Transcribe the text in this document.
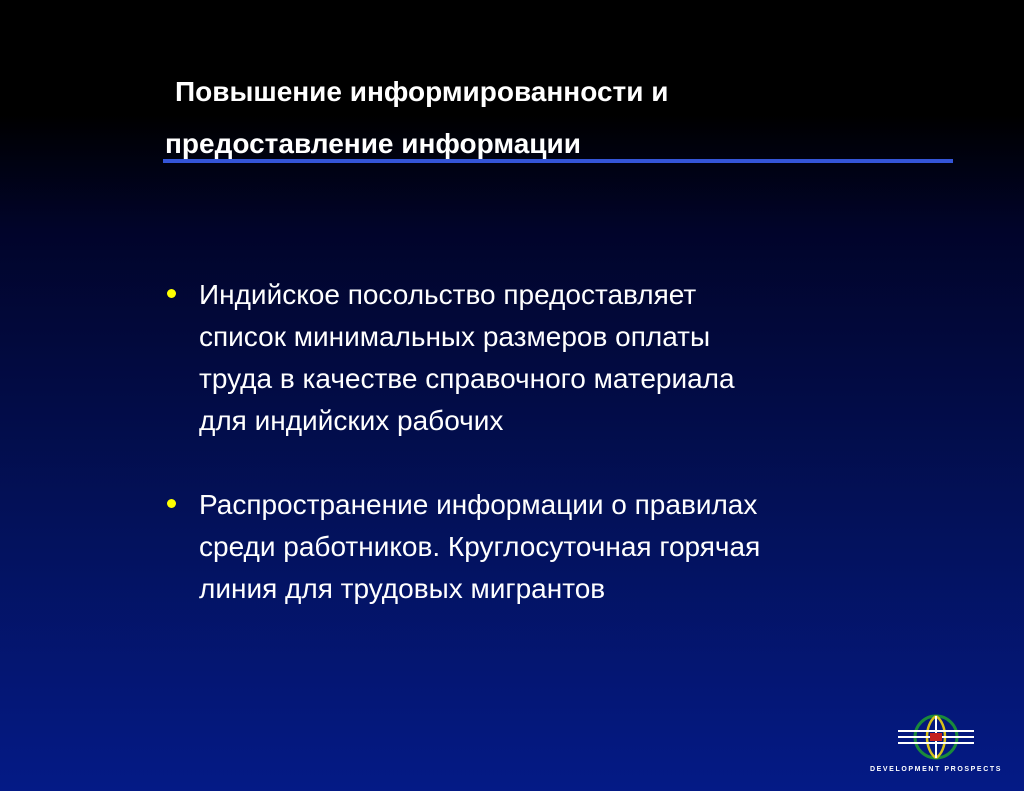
Повышение информированности и
предоставление информации
Индийское посольство предоставляет
список минимальных размеров оплаты
труда в качестве справочного материала
для индийских рабочих
Распространение информации о правилах
среди работников. Круглосуточная горячая
линия для трудовых мигрантов
DEVELOPMENT PROSPECTS
